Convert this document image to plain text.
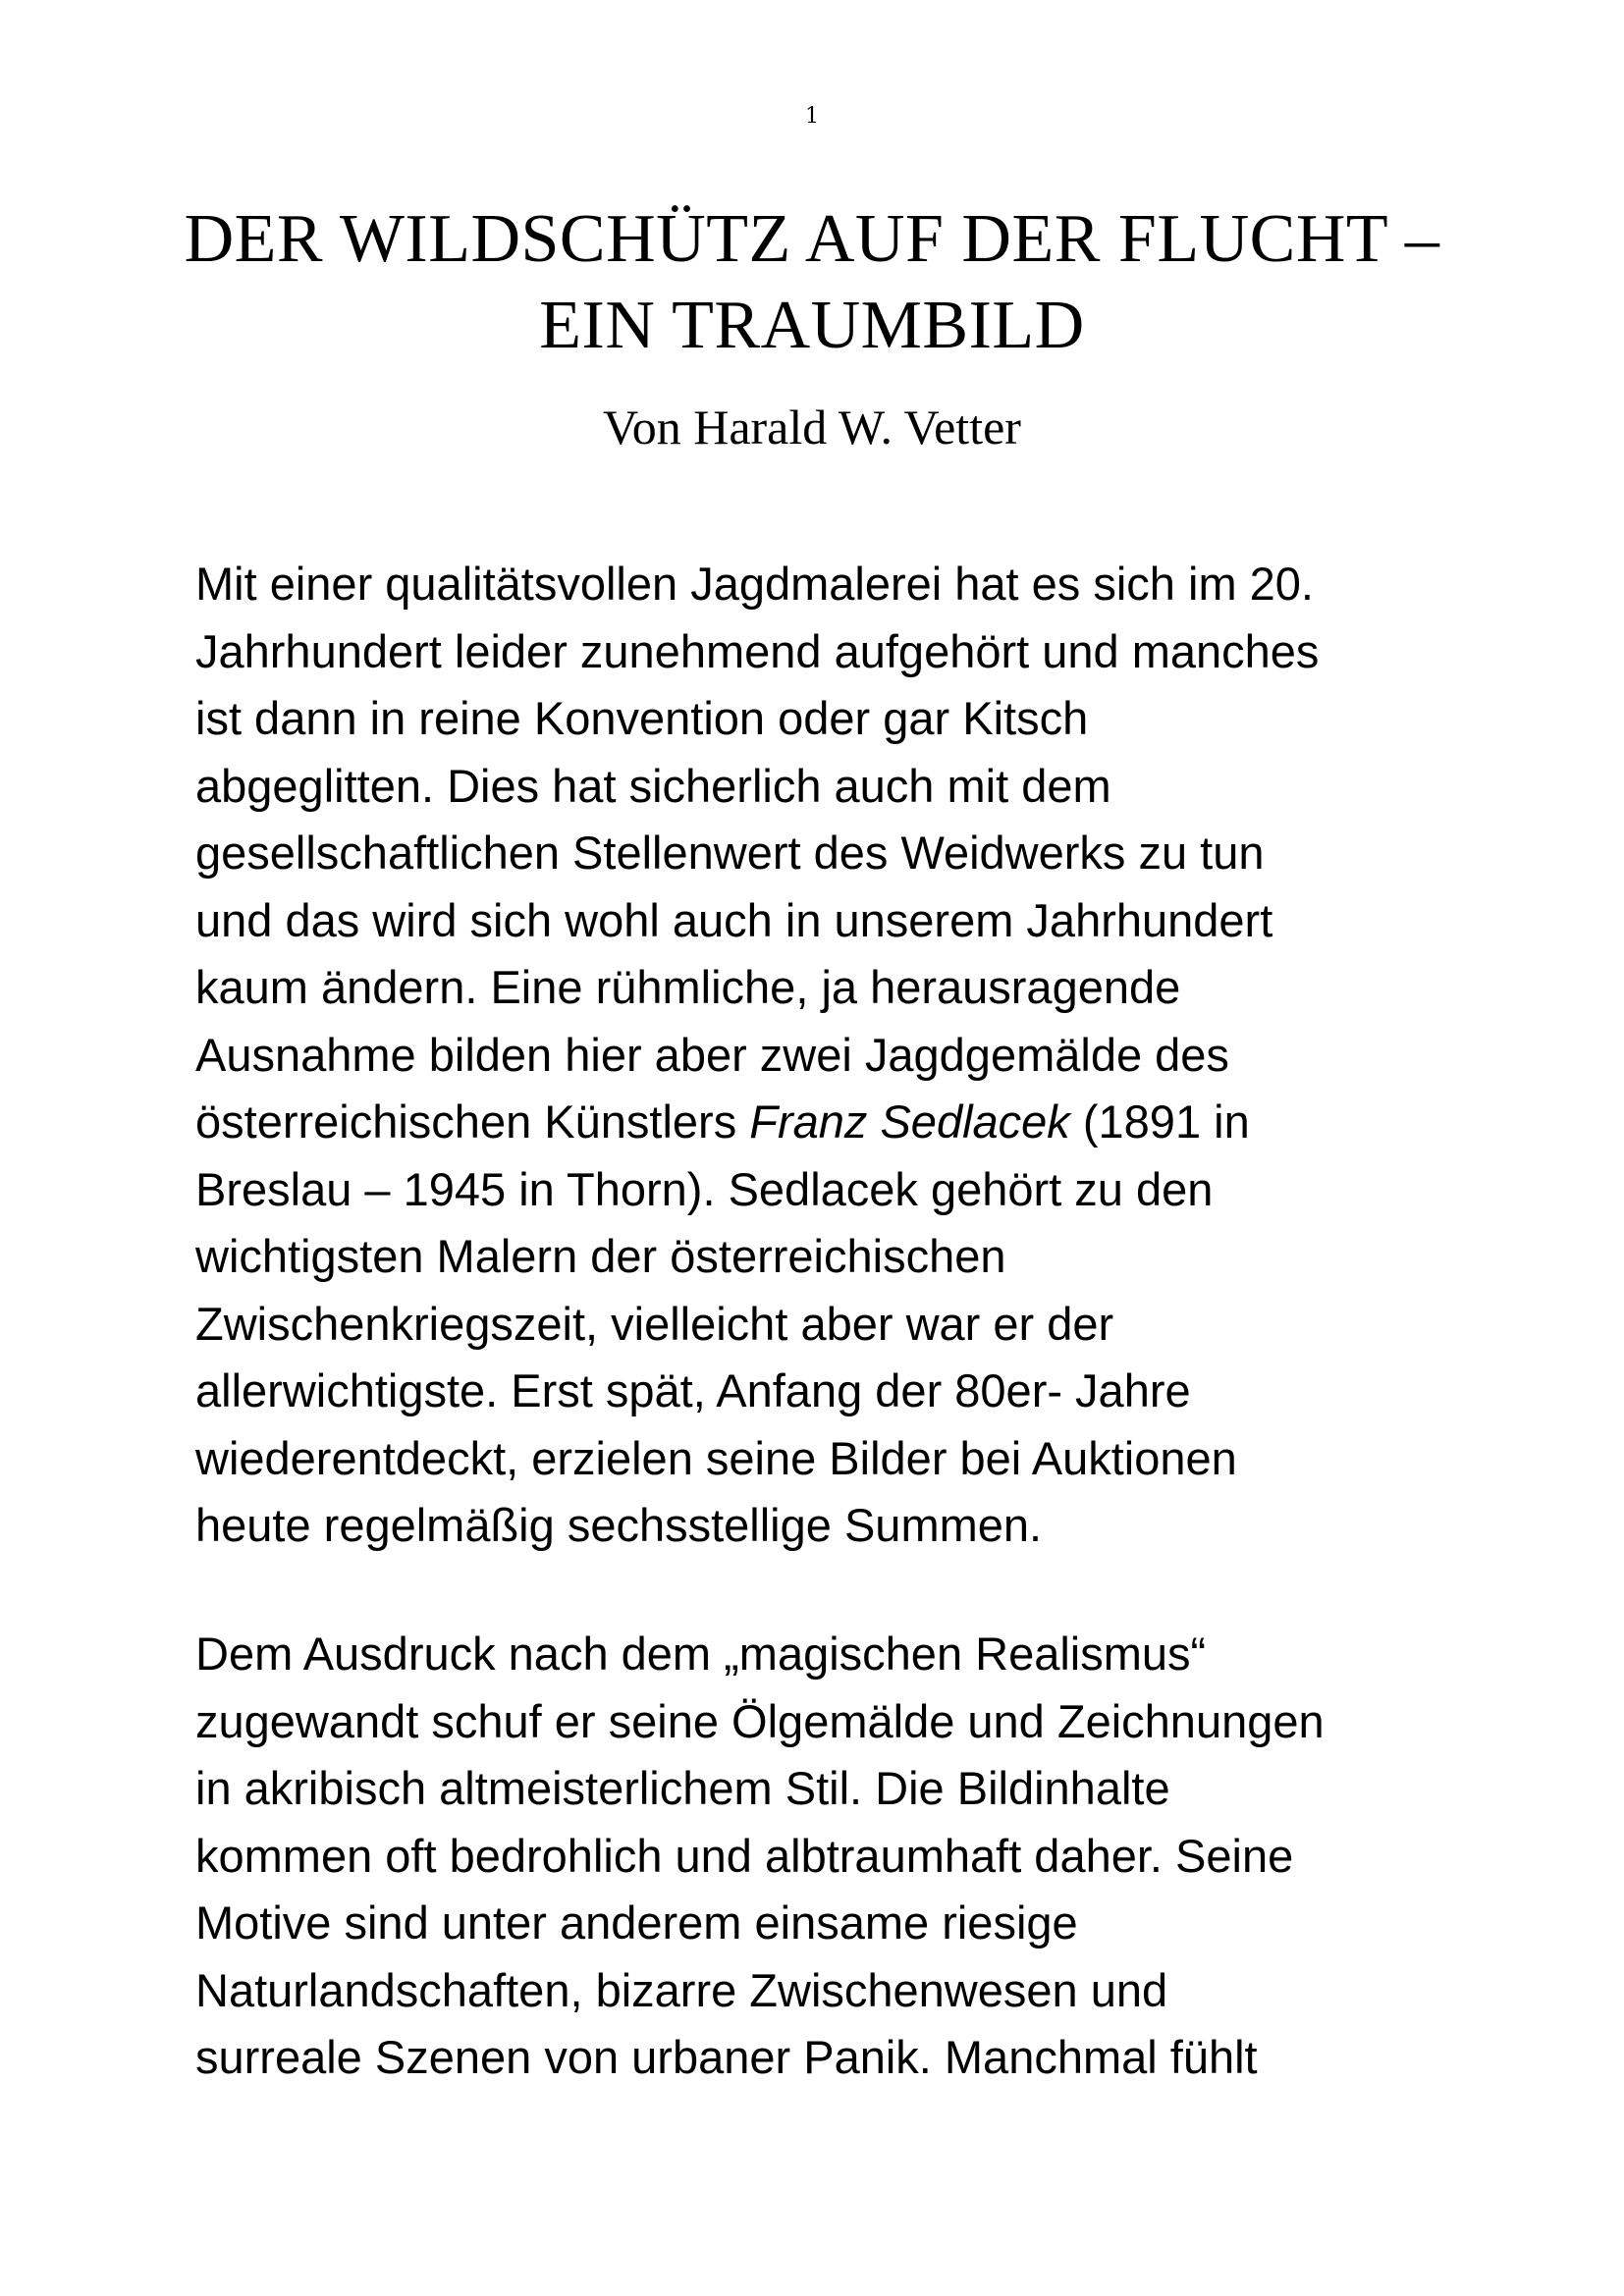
1
DER WILDSCHÜTZ AUF DER FLUCHT –
EIN TRAUMBILD
Von Harald W. Vetter
Mit einer qualitätsvollen Jagdmalerei hat es sich im 20.
Jahrhundert leider zunehmend aufgehört und manches
ist dann in reine Konvention oder gar Kitsch
abgeglitten. Dies hat sicherlich auch mit dem
gesellschaftlichen Stellenwert des Weidwerks zu tun
und das wird sich wohl auch in unserem Jahrhundert
kaum ändern. Eine rühmliche, ja herausragende
Ausnahme bilden hier aber zwei Jagdgemälde des
österreichischen Künstlers Franz Sedlacek (1891 in
Breslau – 1945 in Thorn). Sedlacek gehört zu den
wichtigsten Malern der österreichischen
Zwischenkriegszeit, vielleicht aber war er der
allerwichtigste. Erst spät, Anfang der 80er- Jahre
wiederentdeckt, erzielen seine Bilder bei Auktionen
heute regelmäßig sechsstellige Summen.
Dem Ausdruck nach dem „magischen Realismus“
zugewandt schuf er seine Ölgemälde und Zeichnungen
in akribisch altmeisterlichem Stil. Die Bildinhalte
kommen oft bedrohlich und albtraumhaft daher. Seine
Motive sind unter anderem einsame riesige
Naturlandschaften, bizarre Zwischenwesen und
surreale Szenen von urbaner Panik. Manchmal fühlt
